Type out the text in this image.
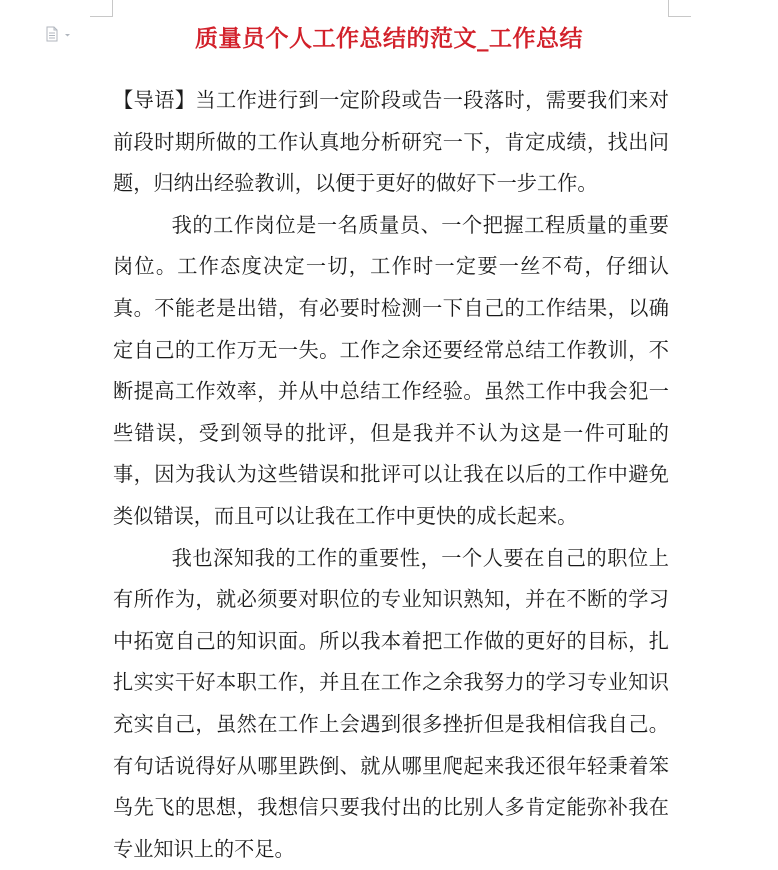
质量员个人工作总结的范文_工作总结

【导语】当工作进行到一定阶段或告一段落时，需要我们来对前段时期所做的工作认真地分析研究一下，肯定成绩，找出问题，归纳出经验教训，以便于更好的做好下一步工作。

我的工作岗位是一名质量员、一个把握工程质量的重要岗位。工作态度决定一切，工作时一定要一丝不苟，仔细认真。不能老是出错，有必要时检测一下自己的工作结果，以确定自己的工作万无一失。工作之余还要经常总结工作教训，不断提高工作效率，并从中总结工作经验。虽然工作中我会犯一些错误，受到领导的批评，但是我并不认为这是一件可耻的事，因为我认为这些错误和批评可以让我在以后的工作中避免类似错误，而且可以让我在工作中更快的成长起来。

我也深知我的工作的重要性，一个人要在自己的职位上有所作为，就必须要对职位的专业知识熟知，并在不断的学习中拓宽自己的知识面。所以我本着把工作做的更好的目标，扎扎实实干好本职工作，并且在工作之余我努力的学习专业知识充实自己，虽然在工作上会遇到很多挫折但是我相信我自己。有句话说得好从哪里跌倒、就从哪里爬起来我还很年轻秉着笨鸟先飞的思想，我想信只要我付出的比别人多肯定能弥补我在专业知识上的不足。
